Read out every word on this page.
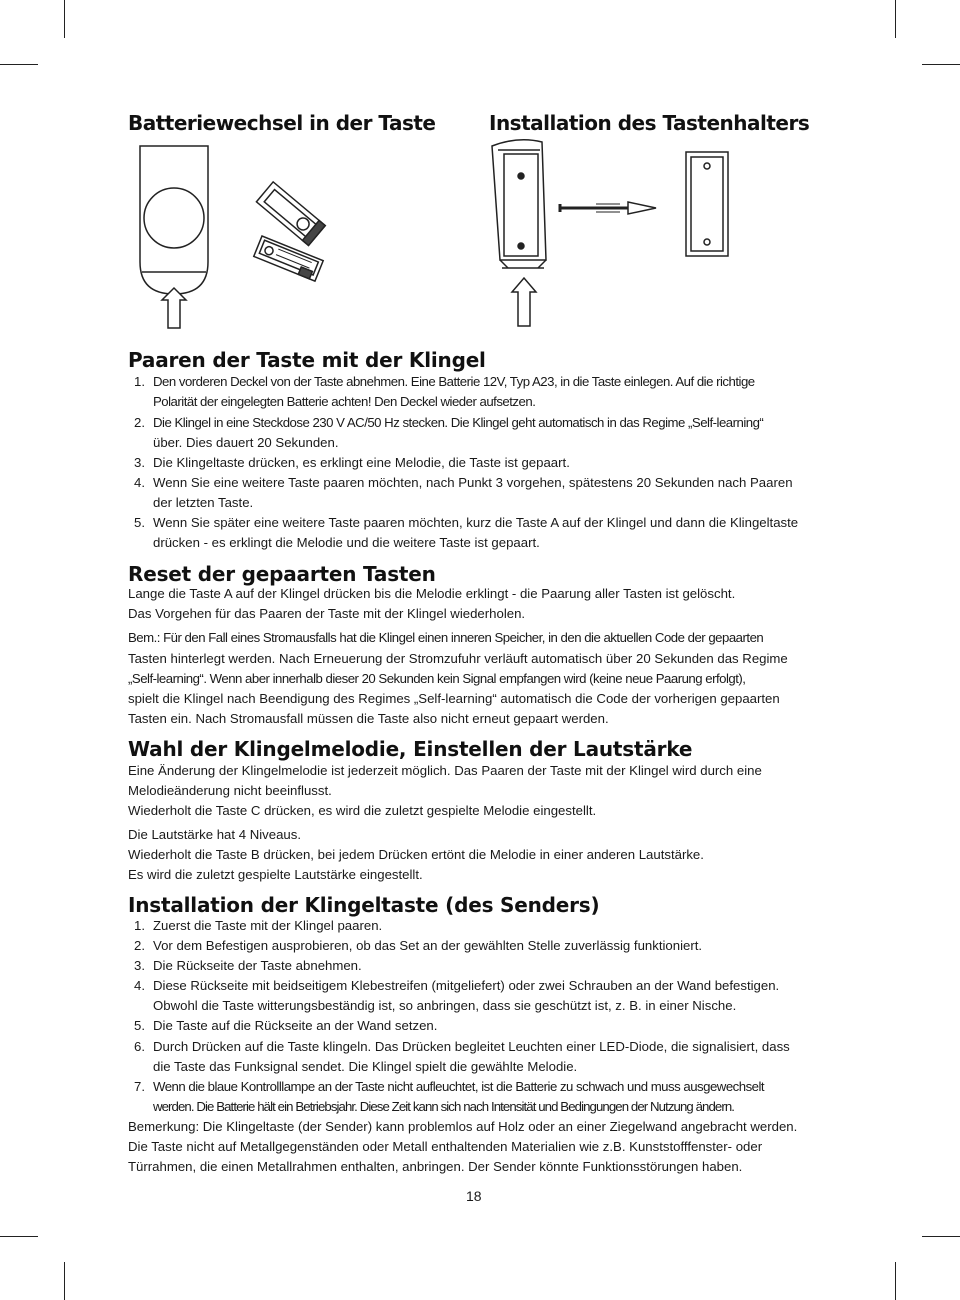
Batteriewechsel in der Taste	Installation des Tastenhalters
Paaren der Taste mit der Klingel
1. Den vorderen Deckel von der Taste abnehmen. Eine Batterie 12V, Typ A23, in die Taste einlegen. Auf die richtige
Polarität der eingelegten Batterie achten! Den Deckel wieder aufsetzen.
2. Die Klingel in eine Steckdose 230 V AC/50 Hz stecken. Die Klingel geht automatisch in das Regime „Self-learning“
über. Dies dauert 20 Sekunden.
3. Die Klingeltaste drücken, es erklingt eine Melodie, die Taste ist gepaart.
4. Wenn Sie eine weitere Taste paaren möchten, nach Punkt 3 vorgehen, spätestens 20 Sekunden nach Paaren
der letzten Taste.
5. Wenn Sie später eine weitere Taste paaren möchten, kurz die Taste A auf der Klingel und dann die Klingeltaste
drücken - es erklingt die Melodie und die weitere Taste ist gepaart.
Reset der gepaarten Tasten

Lange die Taste A auf der Klingel drücken bis die Melodie erklingt - die Paarung aller Tasten ist gelöscht.

Das Vorgehen für das Paaren der Taste mit der Klingel wiederholen.

Bem.: Für den Fall eines Stromausfalls hat die Klingel einen inneren Speicher, in den die aktuellen Code der gepaarten

Tasten hinterlegt werden. Nach Erneuerung der Stromzufuhr verläuft automatisch über 20 Sekunden das Regime

„Self-learning“. Wenn aber innerhalb dieser 20 Sekunden kein Signal empfangen wird (keine neue Paarung erfolgt),

spielt die Klingel nach Beendigung des Regimes „Self-learning“ automatisch die Code der vorherigen gepaarten

Tasten ein. Nach Stromausfall müssen die Taste also nicht erneut gepaart werden.

Wahl der Klingelmelodie, Einstellen der Lautstärke

Eine Änderung der Klingelmelodie ist jederzeit möglich. Das Paaren der Taste mit der Klingel wird durch eine

Melodieänderung nicht beeinflusst.

Wiederholt die Taste C drücken, es wird die zuletzt gespielte Melodie eingestellt.

Die Lautstärke hat 4 Niveaus.

Wiederholt die Taste B drücken, bei jedem Drücken ertönt die Melodie in einer anderen Lautstärke.

Es wird die zuletzt gespielte Lautstärke eingestellt.

Installation der Klingeltaste (des Senders)
1. Zuerst die Taste mit der Klingel paaren.
2. Vor dem Befestigen ausprobieren, ob das Set an der gewählten Stelle zuverlässig funktioniert.
3. Die Rückseite der Taste abnehmen.
4. Diese Rückseite mit beidseitigem Klebestreifen (mitgeliefert) oder zwei Schrauben an der Wand befestigen.
Obwohl die Taste witterungsbeständig ist, so anbringen, dass sie geschützt ist, z. B. in einer Nische.
5. Die Taste auf die Rückseite an der Wand setzen.
6. Durch Drücken auf die Taste klingeln. Das Drücken begleitet Leuchten einer LED-Diode, die signalisiert, dass
die Taste das Funksignal sendet. Die Klingel spielt die gewählte Melodie.
7. Wenn die blaue Kontrolllampe an der Taste nicht aufleuchtet, ist die Batterie zu schwach und muss ausgewechselt
werden. Die Batterie hält ein Betriebsjahr. Diese Zeit kann sich nach Intensität und Bedingungen der Nutzung ändern.

Bemerkung: Die Klingeltaste (der Sender) kann problemlos auf Holz oder an einer Ziegelwand angebracht werden.

Die Taste nicht auf Metallgegenständen oder Metall enthaltenden Materialien wie z.B. Kunststofffenster- oder

Türrahmen, die einen Metallrahmen enthalten, anbringen. Der Sender könnte Funktionsstörungen haben.

18
